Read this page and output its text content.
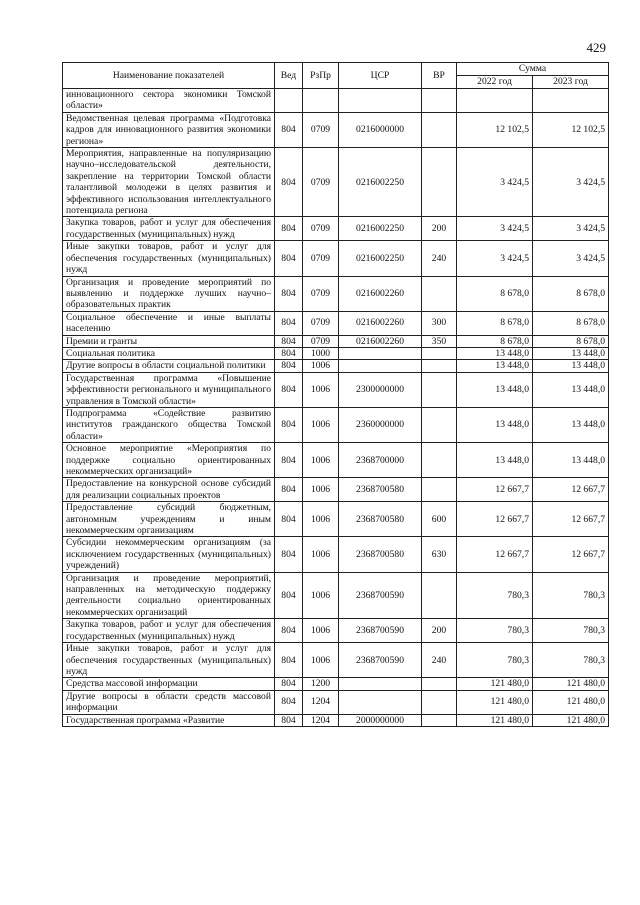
429
Наименование показателей	Вед	РзПр	ЦСР	ВР	Сумма	
					2022 год	2023 год
инновационного сектора экономики Томской области»						
Ведомственная целевая программа «Подготовка кадров для инновационного развития экономики региона»	804	0709	0216000000		12 102,5	12 102,5
Мероприятия, направленные на популяризацию научно–исследовательской деятельности, закрепление на территории Томской области талантливой молодежи в целях развития и эффективного использования интеллектуального потенциала региона	804	0709	0216002250		3 424,5	3 424,5
Закупка товаров, работ и услуг для обеспечения государственных (муниципальных) нужд	804	0709	0216002250	200	3 424,5	3 424,5
Иные закупки товаров, работ и услуг для обеспечения государственных (муниципальных) нужд	804	0709	0216002250	240	3 424,5	3 424,5
Организация и проведение мероприятий по выявлению и поддержке лучших научно–образовательных практик	804	0709	0216002260		8 678,0	8 678,0
Социальное обеспечение и иные выплаты населению	804	0709	0216002260	300	8 678,0	8 678,0
Премии и гранты	804	0709	0216002260	350	8 678,0	8 678,0
Социальная политика	804	1000			13 448,0	13 448,0
Другие вопросы в области социальной политики	804	1006			13 448,0	13 448,0
Государственная программа «Повышение эффективности регионального и муниципального управления в Томской области»	804	1006	2300000000		13 448,0	13 448,0
Подпрограмма «Содействие развитию институтов гражданского общества Томской области»	804	1006	2360000000		13 448,0	13 448,0
Основное мероприятие «Мероприятия по поддержке социально ориентированных некоммерческих организаций»	804	1006	2368700000		13 448,0	13 448,0
Предоставление на конкурсной основе субсидий для реализации социальных проектов	804	1006	2368700580		12 667,7	12 667,7
Предоставление субсидий бюджетным, автономным учреждениям и иным некоммерческим организациям	804	1006	2368700580	600	12 667,7	12 667,7
Субсидии некоммерческим организациям (за исключением государственных (муниципальных) учреждений)	804	1006	2368700580	630	12 667,7	12 667,7
Организация и проведение мероприятий, направленных на методическую поддержку деятельности социально ориентированных некоммерческих организаций	804	1006	2368700590		780,3	780,3
Закупка товаров, работ и услуг для обеспечения государственных (муниципальных) нужд	804	1006	2368700590	200	780,3	780,3
Иные закупки товаров, работ и услуг для обеспечения государственных (муниципальных) нужд	804	1006	2368700590	240	780,3	780,3
Средства массовой информации	804	1200			121 480,0	121 480,0
Другие вопросы в области средств массовой информации	804	1204			121 480,0	121 480,0
Государственная программа «Развитие	804	1204	2000000000		121 480,0	121 480,0
